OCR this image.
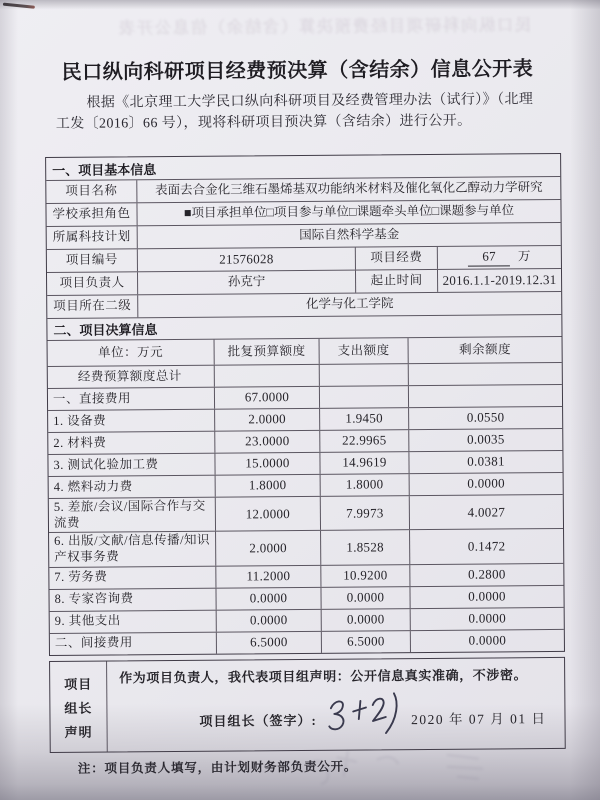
民口纵向科研项目经费预决算（含结余）信息公开表
民口纵向科研项目经费预决算（含结余）信息公开表

根据《北京理工大学民口纵向科研项目及经费管理办法（试行）》（北理工发〔2016〕66 号），现将科研项目预决算（含结余）进行公开。

一、项目基本信息
项目名称	表面去合金化三维石墨烯基双功能纳米材料及催化氧化乙醇动力学研究
学校承担角色	■项目承担单位□项目参与单位□课题牵头单位□课题参与单位
所属科技计划	国际自然科学基金
项目编号	21576028	项目经费	67	万
项目负责人	孙克宁	起止时间	2016.1.1-2019.12.31
项目所在二级	化学与化工学院
二、项目决算信息
单位：万元	批复预算额度	支出额度	剩余额度
经费预算额度总计
一、直接费用	67.0000
1. 设备费	2.0000	1.9450	0.0550
2. 材料费	23.0000	22.9965	0.0035
3. 测试化验加工费	15.0000	14.9619	0.0381
4. 燃料动力费	1.8000	1.8000	0.0000
5. 差旅/会议/国际合作与交流费
12.0000	7.9973	4.0027
6. 出版/文献/信息传播/知识产权事务费
2.0000	1.8528	0.1472
7. 劳务费	11.2000	10.9200	0.2800
8. 专家咨询费	0.0000	0.0000	0.0000
9. 其他支出	0.0000	0.0000	0.0000
二、间接费用	6.5000	6.5000	0.0000
项目
组长
声明
作为项目负责人，我代表项目组声明：公开信息真实准确，不涉密。
项目组长（签字）:	2020 年 07 月 01 日

注：项目负责人填写，由计划财务部负责公开。
